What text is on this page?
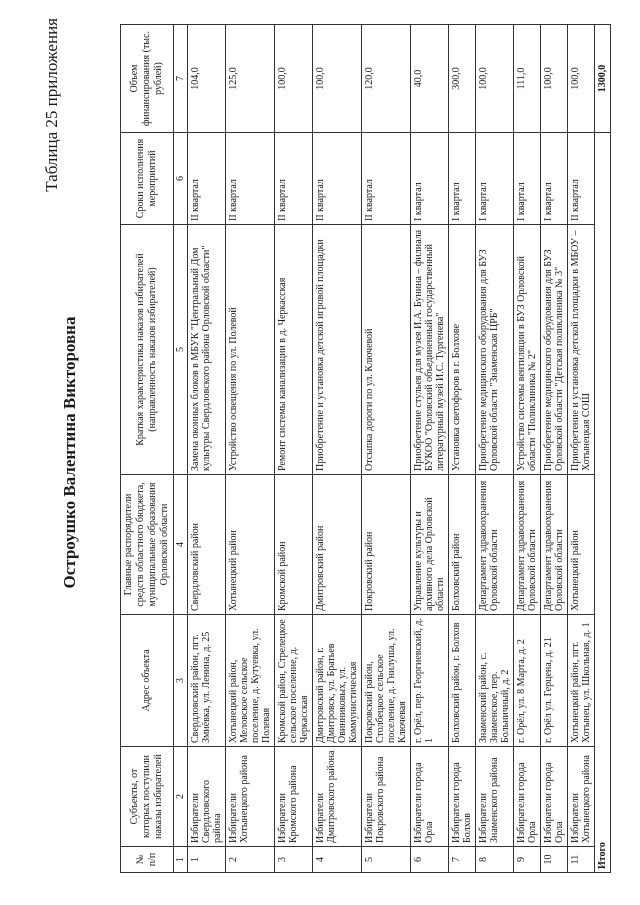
Таблица 25 приложения
Остроушко Валентина Викторовна
№ п/п	Субъекты, от которых поступили наказы избирателей	Адрес объекта	Главные распорядители средств областного бюджета, муниципальные образования Орловской области	Краткая характеристика наказов избирателей (направленность наказов избирателей)	Сроки исполнения мероприятий	Объем финансирования (тыс. рублей)
1	2	3	4	5	6	7
1	Избиратели Свердловского района	Свердловский район, пгт. Змиёвка, ул. Ленина, д. 25	Свердловский район	Замена оконных блоков в МБУК "Центральный Дом культуры Свердловского района Орловской области"	II квартал	104,0
2	Избиратели Хотынецкого района	Хотынецкий район, Меловское сельское поселение, д. Кутуевка, ул. Полевая	Хотынецкий район	Устройство освещения по ул. Полевой	II квартал	125,0
3	Избиратели Кромского района	Кромской район, Стрелецкое сельское поселение, д. Черкасская	Кромской район	Ремонт системы канализации в д. Черкасская	II квартал	100,0
4	Избиратели Дмитровского района	Дмитровский район, г. Дмитровск, ул. Братьев Овинниковых, ул. Коммунистическая	Дмитровский район	Приобретение и установка детской игровой площадки	II квартал	100,0
5	Избиратели Покровского района	Покровский район, Столбецкое сельское поселение, д. Гнилуша, ул. Ключевая	Покровский район	Отсыпка дороги по ул. Ключевой	II квартал	120,0
6	Избиратели города Орла	г. Орёл, пер. Георгиевский, д. 1	Управление культуры и архивного дела Орловской области	Приобретение стульев для музея И.А. Бунина – филиала БУКОО "Орловский объединенный государственный литературный музей И.С. Тургенева"	I квартал	40,0
7	Избиратели города Болхов	Болховский район, г. Болхов	Болховский район	Установка светофоров в г. Болхове	I квартал	300,0
8	Избиратели Знаменского района	Знаменский район, с. Знаменское, пер. Больничный, д. 2	Департамент здравоохранения Орловской области	Приобретение медицинского оборудования для БУЗ Орловской области "Знаменская ЦРБ"	I квартал	100,0
9	Избиратели города Орла	г. Орёл, ул. 8 Марта, д. 2	Департамент здравоохранения Орловской области	Устройство системы вентиляции в БУЗ Орловской области "Поликлиника № 2"	I квартал	111,0
10	Избиратели города Орла	г. Орёл ул. Герцена, д. 21	Департамент здравоохранения Орловской области	Приобретение медицинского оборудования для БУЗ Орловской области "Детская поликлиника № 3"	I квартал	100,0
11	Избиратели Хотынецкого района	Хотынецкий район, пгт. Хотынец, ул. Школьная, д. 1	Хотынецкий район	Приобретение и установка детской площадки в МБОУ – Хотынецкая СОШ	II квартал	100,0
Итого						1300,0
